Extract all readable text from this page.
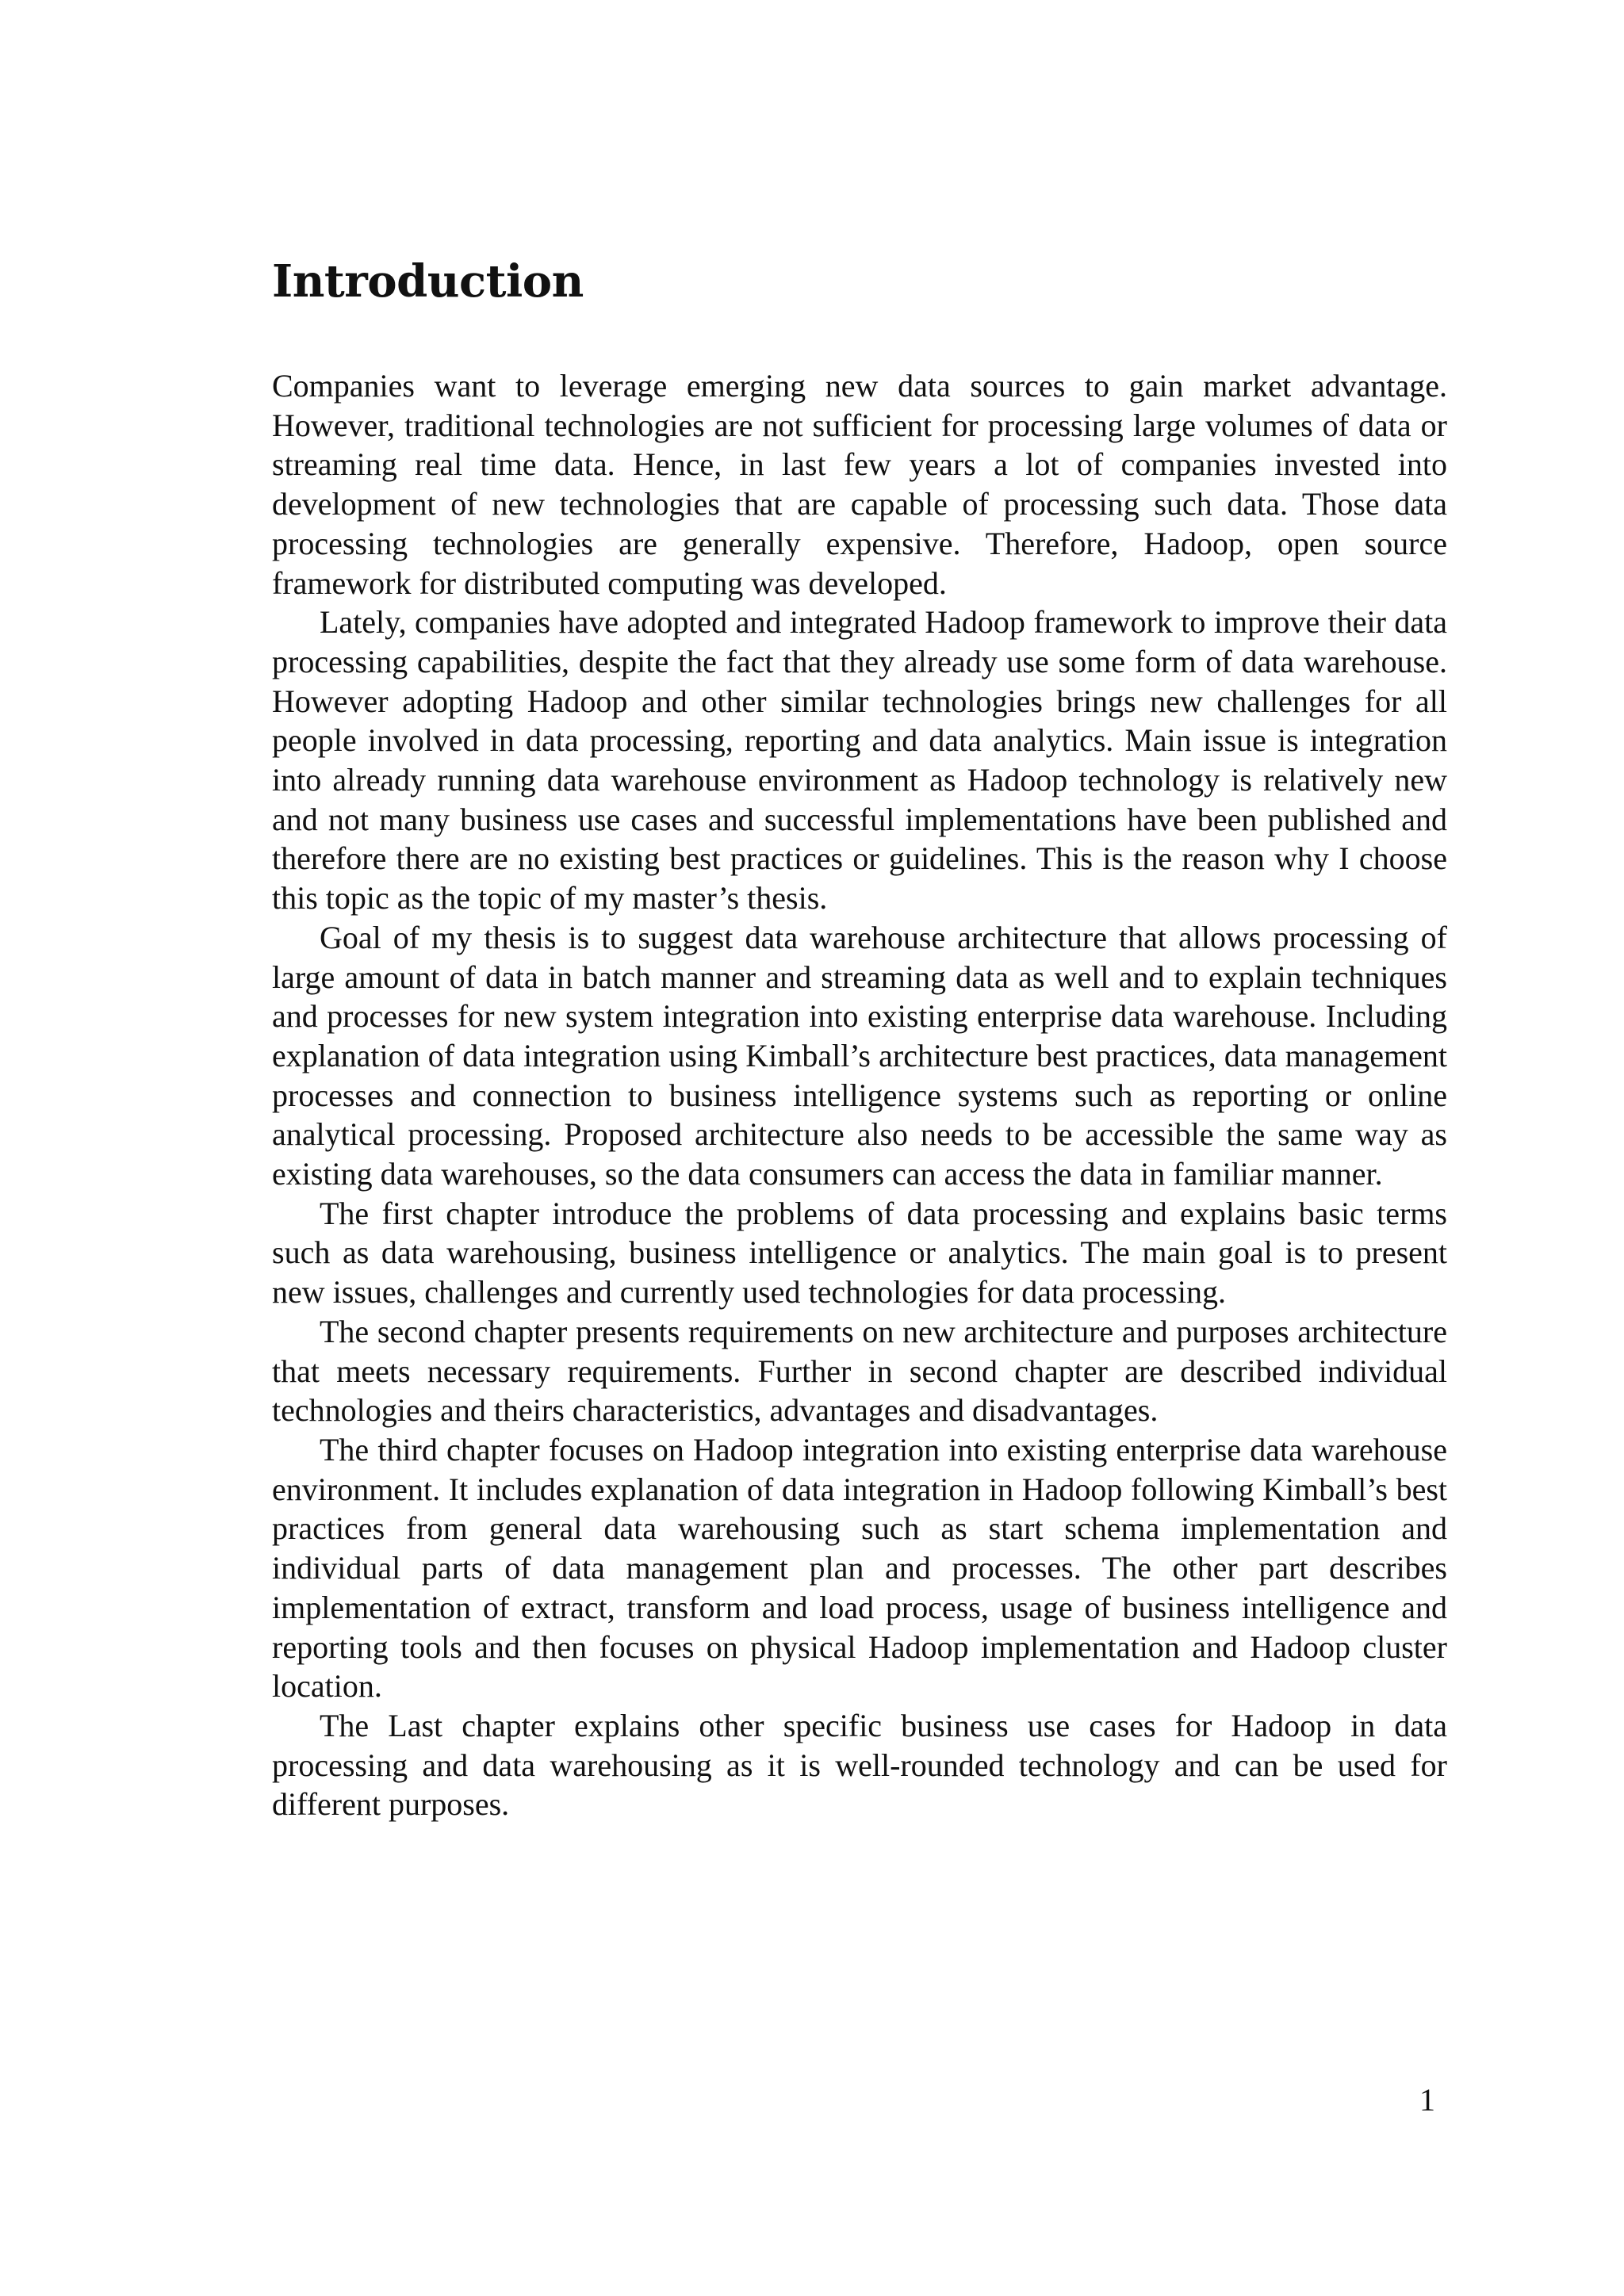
Introduction

Companies want to leverage emerging new data sources to gain market advantage. However, traditional technologies are not sufficient for processing large volumes of data or streaming real time data. Hence, in last few years a lot of companies invested into development of new technologies that are capable of processing such data. Those data processing technologies are generally expensive. Therefore, Hadoop, open source framework for distributed computing was developed.

Lately, companies have adopted and integrated Hadoop framework to improve their data processing capabilities, despite the fact that they already use some form of data warehouse. However adopting Hadoop and other similar technologies brings new challenges for all people involved in data processing, reporting and data analytics. Main issue is integration into already running data warehouse environment as Hadoop technology is relatively new and not many business use cases and successful implementations have been published and therefore there are no existing best practices or guidelines. This is the reason why I choose this topic as the topic of my master’s thesis.

Goal of my thesis is to suggest data warehouse architecture that allows processing of large amount of data in batch manner and streaming data as well and to explain techniques and processes for new system integration into existing enterprise data warehouse. Including explanation of data integration using Kimball’s architecture best practices, data management processes and connection to business intelligence systems such as reporting or online analytical processing. Proposed architecture also needs to be accessible the same way as existing data warehouses, so the data consumers can access the data in familiar manner.

The first chapter introduce the problems of data processing and explains basic terms such as data warehousing, business intelligence or analytics. The main goal is to present new issues, challenges and currently used technologies for data processing.

The second chapter presents requirements on new architecture and purposes architecture that meets necessary requirements. Further in second chapter are described individual technologies and theirs characteristics, advantages and disadvantages.

The third chapter focuses on Hadoop integration into existing enterprise data warehouse environment. It includes explanation of data integration in Hadoop following Kimball’s best practices from general data warehousing such as start schema implementation and individual parts of data management plan and processes. The other part describes implementation of extract, transform and load process, usage of business intelligence and reporting tools and then focuses on physical Hadoop implementation and Hadoop cluster location.

The Last chapter explains other specific business use cases for Hadoop in data processing and data warehousing as it is well-rounded technology and can be used for different purposes.

1
